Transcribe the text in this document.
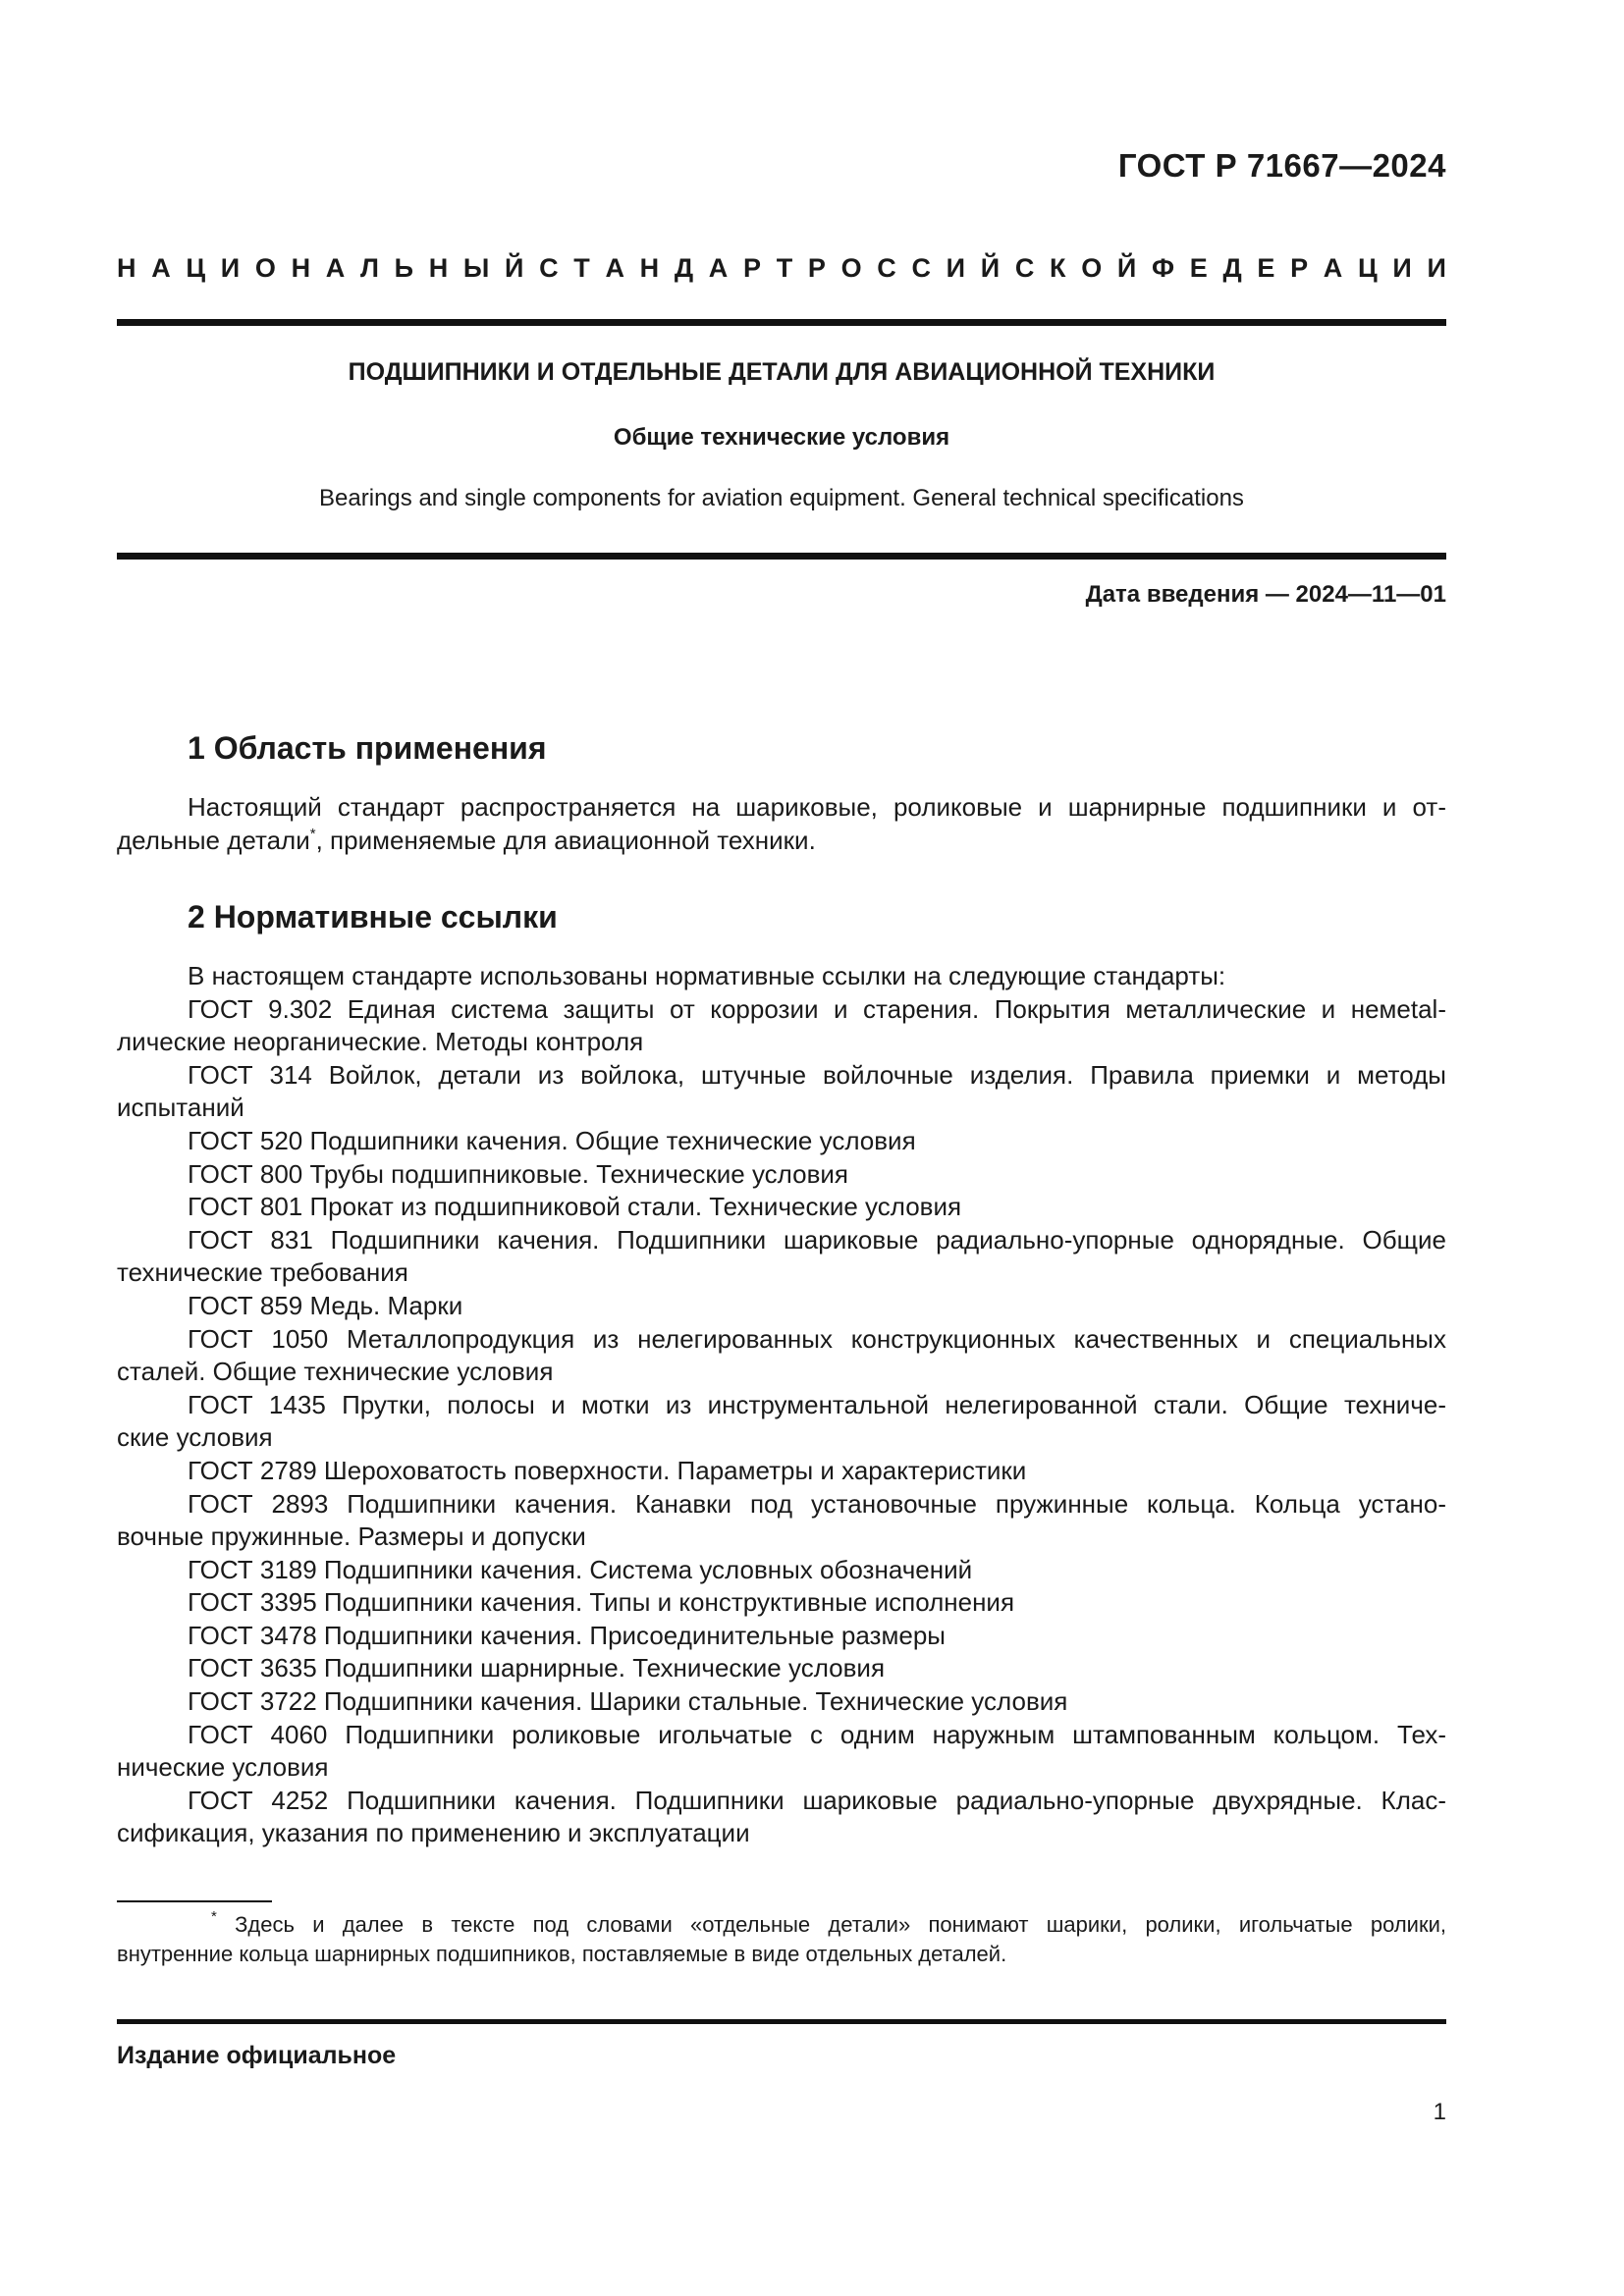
ГОСТ Р 71667—2024
Н А Ц И О Н А Л Ь Н Ы Й С Т А Н Д А Р Т Р О С С И Й С К О Й Ф Е Д Е Р А Ц И И
ПОДШИПНИКИ И ОТДЕЛЬНЫЕ ДЕТАЛИ ДЛЯ АВИАЦИОННОЙ ТЕХНИКИ
Общие технические условия
Bearings and single components for aviation equipment. General technical specifications
Дата введения — 2024—11—01
1 Область применения
Настоящий стандарт распространяется на шариковые, роликовые и шарнирные подшипники и от-
дельные детали*, применяемые для авиационной техники.
2 Нормативные ссылки
В настоящем стандарте использованы нормативные ссылки на следующие стандарты:
ГОСТ 9.302 Единая система защиты от коррозии и старения. Покрытия металлические и немetal-
лические неорганические. Методы контроля
ГОСТ 314 Войлок, детали из войлока, штучные войлочные изделия. Правила приемки и методы
испытаний
ГОСТ 520 Подшипники качения. Общие технические условия
ГОСТ 800 Трубы подшипниковые. Технические условия
ГОСТ 801 Прокат из подшипниковой стали. Технические условия
ГОСТ 831 Подшипники качения. Подшипники шариковые радиально-упорные однорядные. Общие
технические требования
ГОСТ 859 Медь. Марки
ГОСТ 1050 Металлопродукция из нелегированных конструкционных качественных и специальных
сталей. Общие технические условия
ГОСТ 1435 Прутки, полосы и мотки из инструментальной нелегированной стали. Общие техниче-
ские условия
ГОСТ 2789 Шероховатость поверхности. Параметры и характеристики
ГОСТ 2893 Подшипники качения. Канавки под установочные пружинные кольца. Кольца устано-
вочные пружинные. Размеры и допуски
ГОСТ 3189 Подшипники качения. Система условных обозначений
ГОСТ 3395 Подшипники качения. Типы и конструктивные исполнения
ГОСТ 3478 Подшипники качения. Присоединительные размеры
ГОСТ 3635 Подшипники шарнирные. Технические условия
ГОСТ 3722 Подшипники качения. Шарики стальные. Технические условия
ГОСТ 4060 Подшипники роликовые игольчатые с одним наружным штампованным кольцом. Тех-
нические условия
ГОСТ 4252 Подшипники качения. Подшипники шариковые радиально-упорные двухрядные. Клас-
сификация, указания по применению и эксплуатации
* Здесь и далее в тексте под словами «отдельные детали» понимают шарики, ролики, игольчатые ролики,
внутренние кольца шарнирных подшипников, поставляемые в виде отдельных деталей.
Издание официальное
1
